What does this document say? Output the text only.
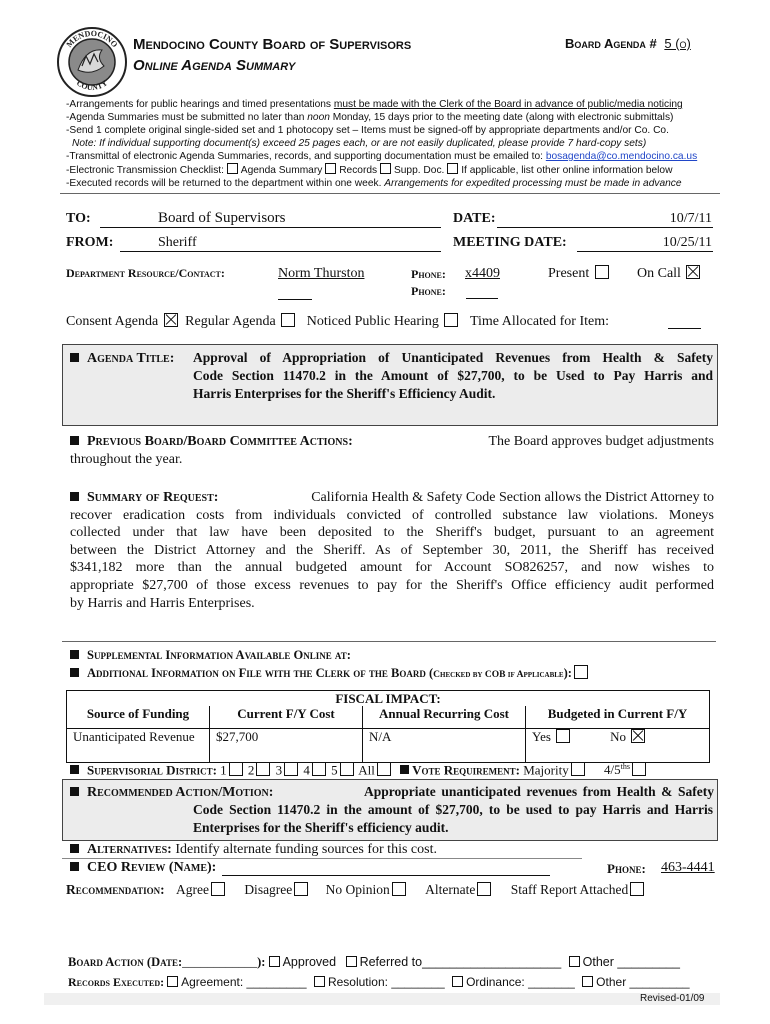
MENDOCINO
COUNTY
Mendocino County Board of Supervisors
Online Agenda Summary
Board Agenda # 5 (o)
-Arrangements for public hearings and timed presentations must be made with the Clerk of the Board in advance of public/media noticing
-Agenda Summaries must be submitted no later than noon Monday, 15 days prior to the meeting date (along with electronic submittals)
-Send 1 complete original single-sided set and 1 photocopy set – Items must be signed-off by appropriate departments and/or Co. Co.
Note: If individual supporting document(s) exceed 25 pages each, or are not easily duplicated, please provide 7 hard-copy sets)
-Transmittal of electronic Agenda Summaries, records, and supporting documentation must be emailed to: bosagenda@co.mendocino.ca.us
-Electronic Transmission Checklist: Agenda Summary Records Supp. Doc. If applicable, list other online information below
-Executed records will be returned to the department within one week. Arrangements for expedited processing must be made in advance
TO:	Board of Supervisors	DATE:	10/7/11
FROM:	Sheriff	MEETING DATE:	10/25/11
Department Resource/Contact:	Norm Thurston	Phone: x4409
Phone:
Present	On Call
Consent Agenda Regular Agenda Noticed Public Hearing Time Allocated for Item:
Agenda Title: Approval of Appropriation of Unanticipated Revenues from Health & Safety
Code Section 11470.2 in the Amount of $27,700, to be Used to Pay Harris and
Harris Enterprises for the Sheriff's Efficiency Audit.
Previous Board/Board Committee Actions:	The Board approves budget adjustments
throughout the year.
Summary of Request:	California Health & Safety Code Section allows the District Attorney to
recover eradication costs from individuals convicted of controlled substance law violations. Moneys
collected under that law have been deposited to the Sheriff's budget, pursuant to an agreement
between the District Attorney and the Sheriff. As of September 30, 2011, the Sheriff has received
$341,182 more than the annual budgeted amount for Account SO826257, and now wishes to
appropriate $27,700 of those excess revenues to pay for the Sheriff's Office efficiency audit performed
by Harris and Harris Enterprises.
Supplemental Information Available Online at:
Additional Information on File with the Clerk of the Board (Checked by COB if Applicable):
FISCAL IMPACT:			
Source of Funding	Current F/Y Cost	Annual Recurring Cost	Budgeted in Current F/Y
Unanticipated Revenue	$27,700	N/A	Yes No
Supervisorial District: 1 2 3 4 5 All	Vote Requirement: Majority	$4/5^{ths}$
Recommended Action/Motion:	Appropriate unanticipated revenues from Health & Safety
Code Section 11470.2 in the amount of $27,700, to be used to pay Harris and Harris
Enterprises for the Sheriff's efficiency audit.
Alternatives: Identify alternate funding sources for this cost.
CEO Review (Name):	Phone: 463-4441
Recommendation: Agree	Disagree No Opinion	Alternate	Staff Report Attached
Board Action (Date:____________): Approved Referred to____________________ Other _________
Records Executed: Agreement: _________ Resolution: ________ Ordinance: _______ Other _________
Revised-01/09
